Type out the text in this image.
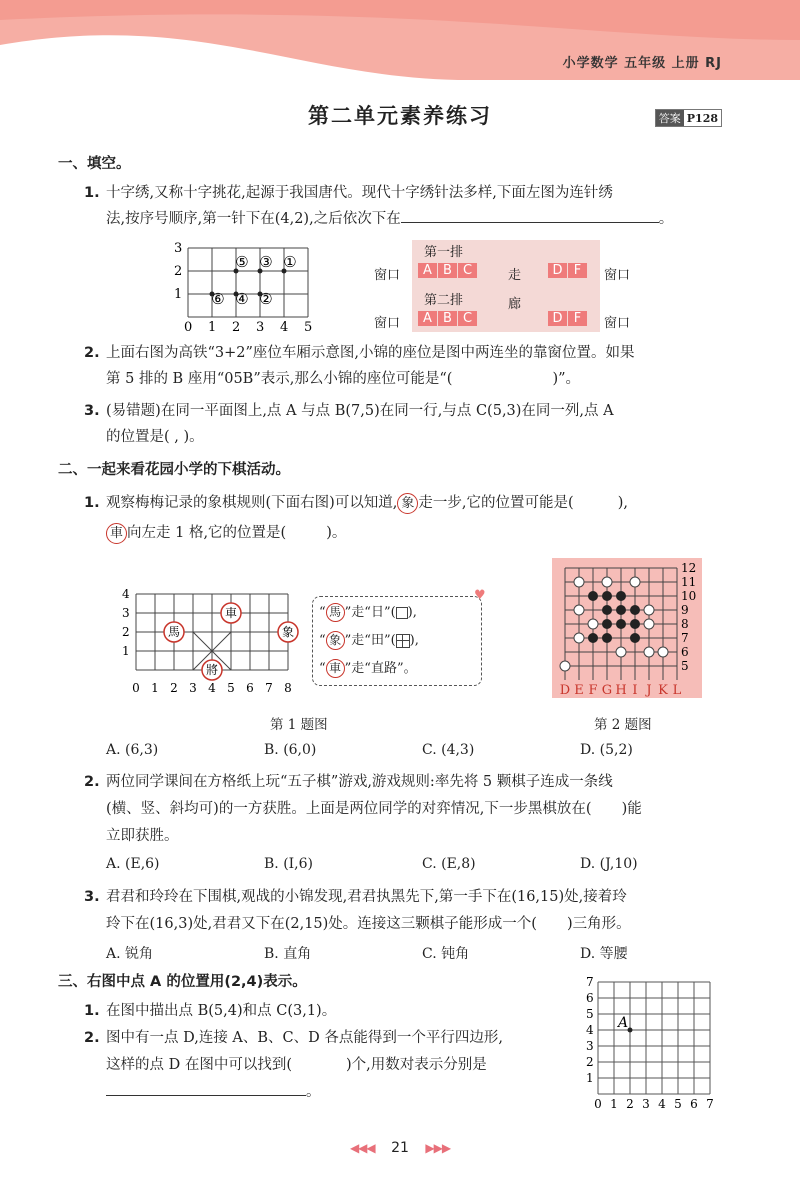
小学数学 五年级 上册 RJ
第二单元素养练习	答案 P128
一、填空。
1. 十字绣,又称十字挑花,起源于我国唐代。现代十字绣针法多样,下面左图为连针绣
法,按序号顺序,第一针下在(4,2),之后依次下在	。
3
2
1
0 1 2 3 4 5
⑤ ③ ①
⑥ ④ ②
第一排
第二排
窗口
窗口
窗口
窗口
走
廊
A B C	D F
A B C	D F
2. 上面右图为高铁“3+2”座位车厢示意图,小锦的座位是图中两连坐的靠窗位置。如果
第 5 排的 B 座用“05B”表示,那么小锦的座位可能是“(	)”。
3. (易错题)在同一平面图上,点 A 与点 B(7,5)在同一行,与点 C(5,3)在同一列,点 A
的位置是( , )。
二、一起来看花园小学的下棋活动。
1. 观察梅梅记录的象棋规则(下面右图)可以知道, 象 走一步,它的位置可能是(	),
車 向左走 1 格,它的位置是(	)。
馬
車
象
將
4
3
2
1
0 1 2 3 4 5 6 7 8
“ 馬 ”走“日”( ),
“ 象 ”走“田”( ),
“ 車 ”走“直路”。
♥
12
11
10
9
8
7
6
5
D E F G H I J K L
第 1 题图	第 2 题图
A. (6,3)	B. (6,0)	C. (4,3)	D. (5,2)
2. 两位同学课间在方格纸上玩“五子棋”游戏,游戏规则:率先将 5 颗棋子连成一条线
(横、竖、斜均可)的一方获胜。上面是两位同学的对弈情况,下一步黑棋放在( )能
立即获胜。
A. (E,6)	B. (I,6)	C. (E,8)	D. (J,10)
3. 君君和玲玲在下围棋,观战的小锦发现,君君执黑先下,第一手下在(16,15)处,接着玲
玲下在(16,3)处,君君又下在(2,15)处。连接这三颗棋子能形成一个( )三角形。
A. 锐角	B. 直角	C. 钝角	D. 等腰
三、右图中点 A 的位置用(2,4)表示。
1. 在图中描出点 B(5,4)和点 C(3,1)。
2. 图中有一点 D,连接 A、B、C、D 各点能得到一个平行四边形,
这样的点 D 在图中可以找到(	)个,用数对表示分别是
。
A
7
6
5
4
3
2
1
0 1 2 3 4 5 6 7
◀◀◀ 21 ▶▶▶
